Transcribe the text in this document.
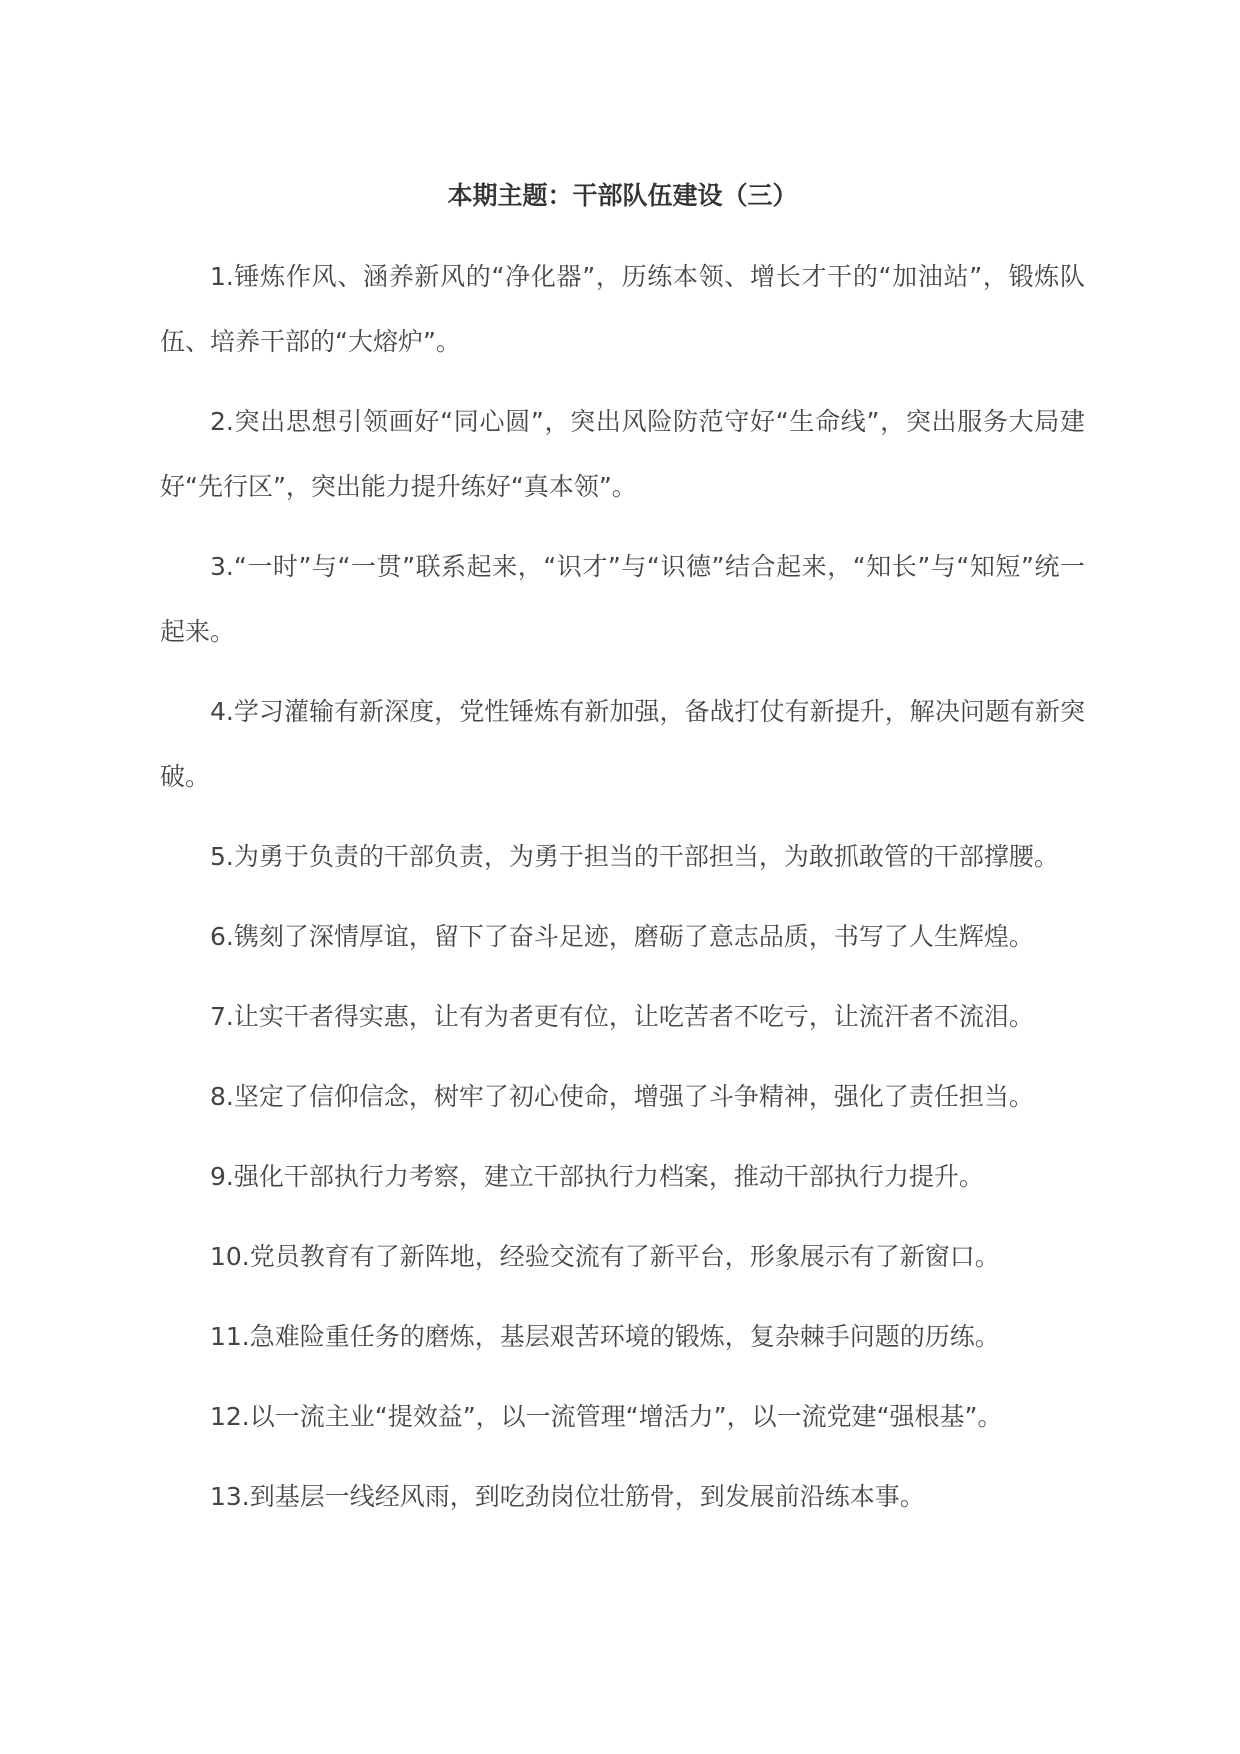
本期主题：干部队伍建设（三）

1.锤炼作风、涵养新风的“净化器”，历练本领、增长才干的“加油站”，锻炼队伍、培养干部的“大熔炉”。

2.突出思想引领画好“同心圆”，突出风险防范守好“生命线”，突出服务大局建好“先行区”，突出能力提升练好“真本领”。

3.“一时”与“一贯”联系起来，“识才”与“识德”结合起来，“知长”与“知短”统一起来。

4.学习灌输有新深度，党性锤炼有新加强，备战打仗有新提升，解决问题有新突破。

5.为勇于负责的干部负责，为勇于担当的干部担当，为敢抓敢管的干部撑腰。

6.镌刻了深情厚谊，留下了奋斗足迹，磨砺了意志品质，书写了人生辉煌。

7.让实干者得实惠，让有为者更有位，让吃苦者不吃亏，让流汗者不流泪。

8.坚定了信仰信念，树牢了初心使命，增强了斗争精神，强化了责任担当。

9.强化干部执行力考察，建立干部执行力档案，推动干部执行力提升。

10.党员教育有了新阵地，经验交流有了新平台，形象展示有了新窗口。

11.急难险重任务的磨炼，基层艰苦环境的锻炼，复杂棘手问题的历练。

12.以一流主业“提效益”，以一流管理“增活力”，以一流党建“强根基”。

13.到基层一线经风雨，到吃劲岗位壮筋骨，到发展前沿练本事。
